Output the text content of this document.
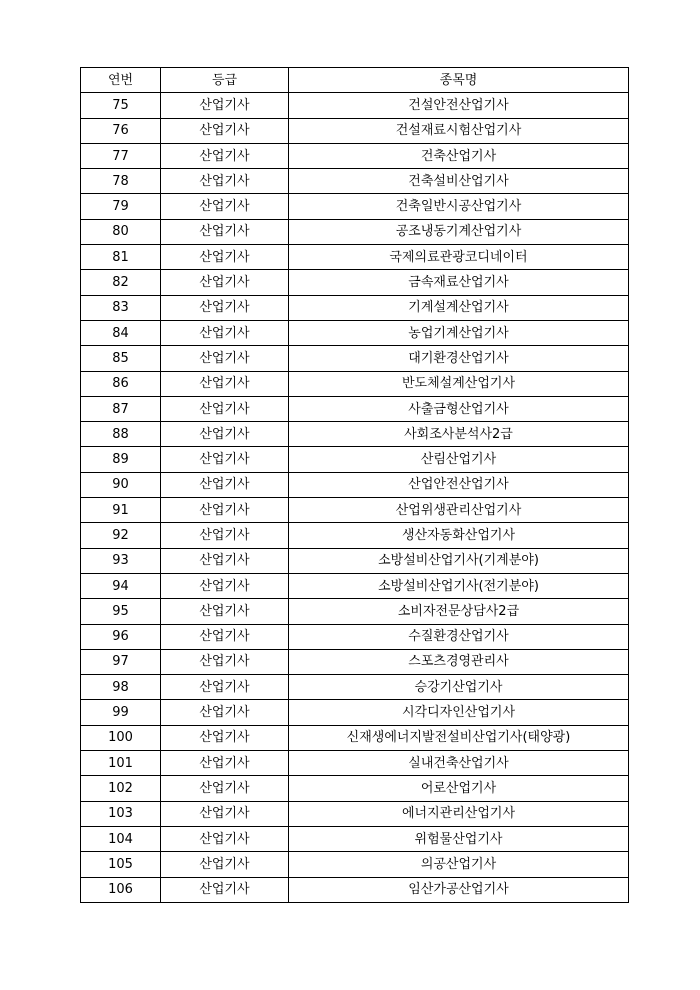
연번	등급	종목명
75	산업기사	건설안전산업기사
76	산업기사	건설재료시험산업기사
77	산업기사	건축산업기사
78	산업기사	건축설비산업기사
79	산업기사	건축일반시공산업기사
80	산업기사	공조냉동기계산업기사
81	산업기사	국제의료관광코디네이터
82	산업기사	금속재료산업기사
83	산업기사	기계설계산업기사
84	산업기사	농업기계산업기사
85	산업기사	대기환경산업기사
86	산업기사	반도체설계산업기사
87	산업기사	사출금형산업기사
88	산업기사	사회조사분석사2급
89	산업기사	산림산업기사
90	산업기사	산업안전산업기사
91	산업기사	산업위생관리산업기사
92	산업기사	생산자동화산업기사
93	산업기사	소방설비산업기사(기계분야)
94	산업기사	소방설비산업기사(전기분야)
95	산업기사	소비자전문상담사2급
96	산업기사	수질환경산업기사
97	산업기사	스포츠경영관리사
98	산업기사	승강기산업기사
99	산업기사	시각디자인산업기사
100	산업기사	신재생에너지발전설비산업기사(태양광)
101	산업기사	실내건축산업기사
102	산업기사	어로산업기사
103	산업기사	에너지관리산업기사
104	산업기사	위험물산업기사
105	산업기사	의공산업기사
106	산업기사	임산가공산업기사
